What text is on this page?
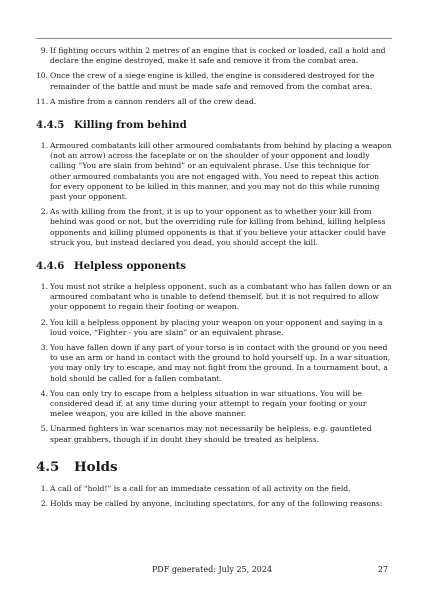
9. If fighting occurs within 2 metres of an engine that is cocked or loaded, call a hold and declare the engine destroyed, make it safe and remove it from the combat area.
10. Once the crew of a siege engine is killed, the engine is considered destroyed for the remainder of the battle and must be made safe and removed from the combat area.
11. A misfire from a cannon renders all of the crew dead.
4.4.5 Killing from behind
1. Armoured combatants kill other armoured combatants from behind by placing a weapon (not an arrow) across the faceplate or on the shoulder of your opponent and loudly calling “You are slain from behind” or an equivalent phrase. Use this technique for other armoured combatants you are not engaged with. You need to repeat this action for every opponent to be killed in this manner, and you may not do this while running past your opponent.
2. As with killing from the front, it is up to your opponent as to whether your kill from behind was good or not, but the overriding rule for killing from behind, killing helpless opponents and killing plumed opponents is that if you believe your attacker could have struck you, but instead declared you dead, you should accept the kill.
4.4.6 Helpless opponents
1. You must not strike a helpless opponent, such as a combatant who has fallen down or an armoured combatant who is unable to defend themself, but it is not required to allow your opponent to regain their footing or weapon.
2. You kill a helpless opponent by placing your weapon on your opponent and saying in a loud voice, “Fighter - you are slain” or an equivalent phrase.
3. You have fallen down if any part of your torso is in contact with the ground or you need to use an arm or hand in contact with the ground to hold yourself up. In a war situation, you may only try to escape, and may not fight from the ground. In a tournament bout, a hold should be called for a fallen combatant.
4. You can only try to escape from a helpless situation in war situations. You will be considered dead if, at any time during your attempt to regain your footing or your melee weapon, you are killed in the above manner.
5. Unarmed fighters in war scenarios may not necessarily be helpless, e.g. gauntleted spear grabbers, though if in doubt they should be treated as helpless.
4.5 Holds
1. A call of “hold!” is a call for an immediate cessation of all activity on the field.
2. Holds may be called by anyone, including spectators, for any of the following reasons:
PDF generated: July 25, 2024	27
